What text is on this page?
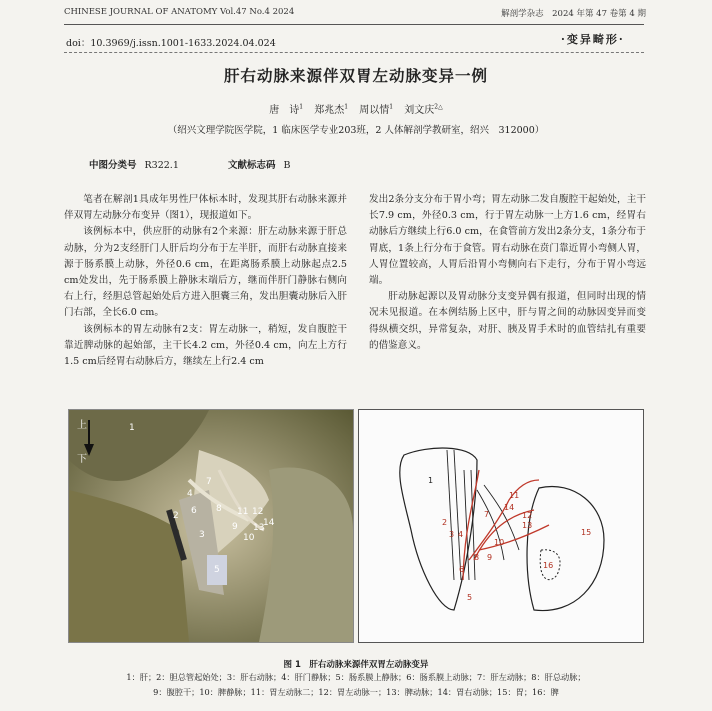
CHINESE JOURNAL OF ANATOMY Vol.47 No.4 2024	解剖学杂志　2024 年第 47 卷第 4 期
doi：10.3969/j.issn.1001-1633.2024.04.024	·变异畸形·
肝右动脉来源伴双胃左动脉变异一例
唐　诗$^1$ 郑兆杰$^1$ 周以情$^1$ 刘文庆$^{2\triangle}$
（绍兴文理学院医学院，1 临床医学专业203班，2 人体解剖学教研室，绍兴　312000）
中图分类号 R322.1	文献标志码 B

笔者在解剖1具成年男性尸体标本时，发现其肝右动脉来源并伴双胃左动脉分布变异（图1），现报道如下。

该例标本中，供应肝的动脉有2个来源：肝左动脉来源于肝总动脉，分为2支经肝门人肝后均分布于左半肝，而肝右动脉直接来源于肠系膜上动脉，外径0.6 cm，在距离肠系膜上动脉起点2.5 cm处发出，先于肠系膜上静脉末端后方，继而伴肝门静脉右侧向右上行，经胆总管起始处后方进入胆囊三角，发出胆囊动脉后入肝门右部，全长6.0 cm。

该例标本的胃左动脉有2支：胃左动脉一，稍短，发自腹腔干靠近脾动脉的起始部，主干长4.2 cm，外径0.4 cm，向左上方行1.5 cm后经胃右动脉后方，继续左上行2.4 cm

发出2条分支分布于胃小弯；胃左动脉二发自腹腔干起始处，主干长7.9 cm，外径0.3 cm，行于胃左动脉一上方1.6 cm，经胃右动脉后方继续上行6.0 cm，在食管前方发出2条分支，1条分布于胃底，1条上行分布于食管。胃右动脉在贲门靠近胃小弯侧人胃，人胃位置较高，人胃后沿胃小弯侧向右下走行，分布于胃小弯远端。

肝动脉起源以及胃动脉分支变异偶有报道，但同时出现的情况未见报道。在本例结肠上区中，肝与胃之间的动脉因变异而变得纵横交织，异常复杂，对肝、胰及胃手术时的血管结扎有重要的借鉴意义。

上
下
1
2
3
4
5
6
7
8
9
10
11 12
13
14
1
2
3 4
5
6
7
8 9
10
11
12
13
14
15
16
图 1　肝右动脉来源伴双胃左动脉变异
1：肝；2：胆总管起始处；3：肝右动脉；4：肝门静脉；5：肠系膜上静脉；6：肠系膜上动脉；7：肝左动脉；8：肝总动脉；
9：腹腔干；10：脾静脉；11：胃左动脉二；12：胃左动脉一；13：脾动脉；14：胃右动脉；15：胃；16：脾
